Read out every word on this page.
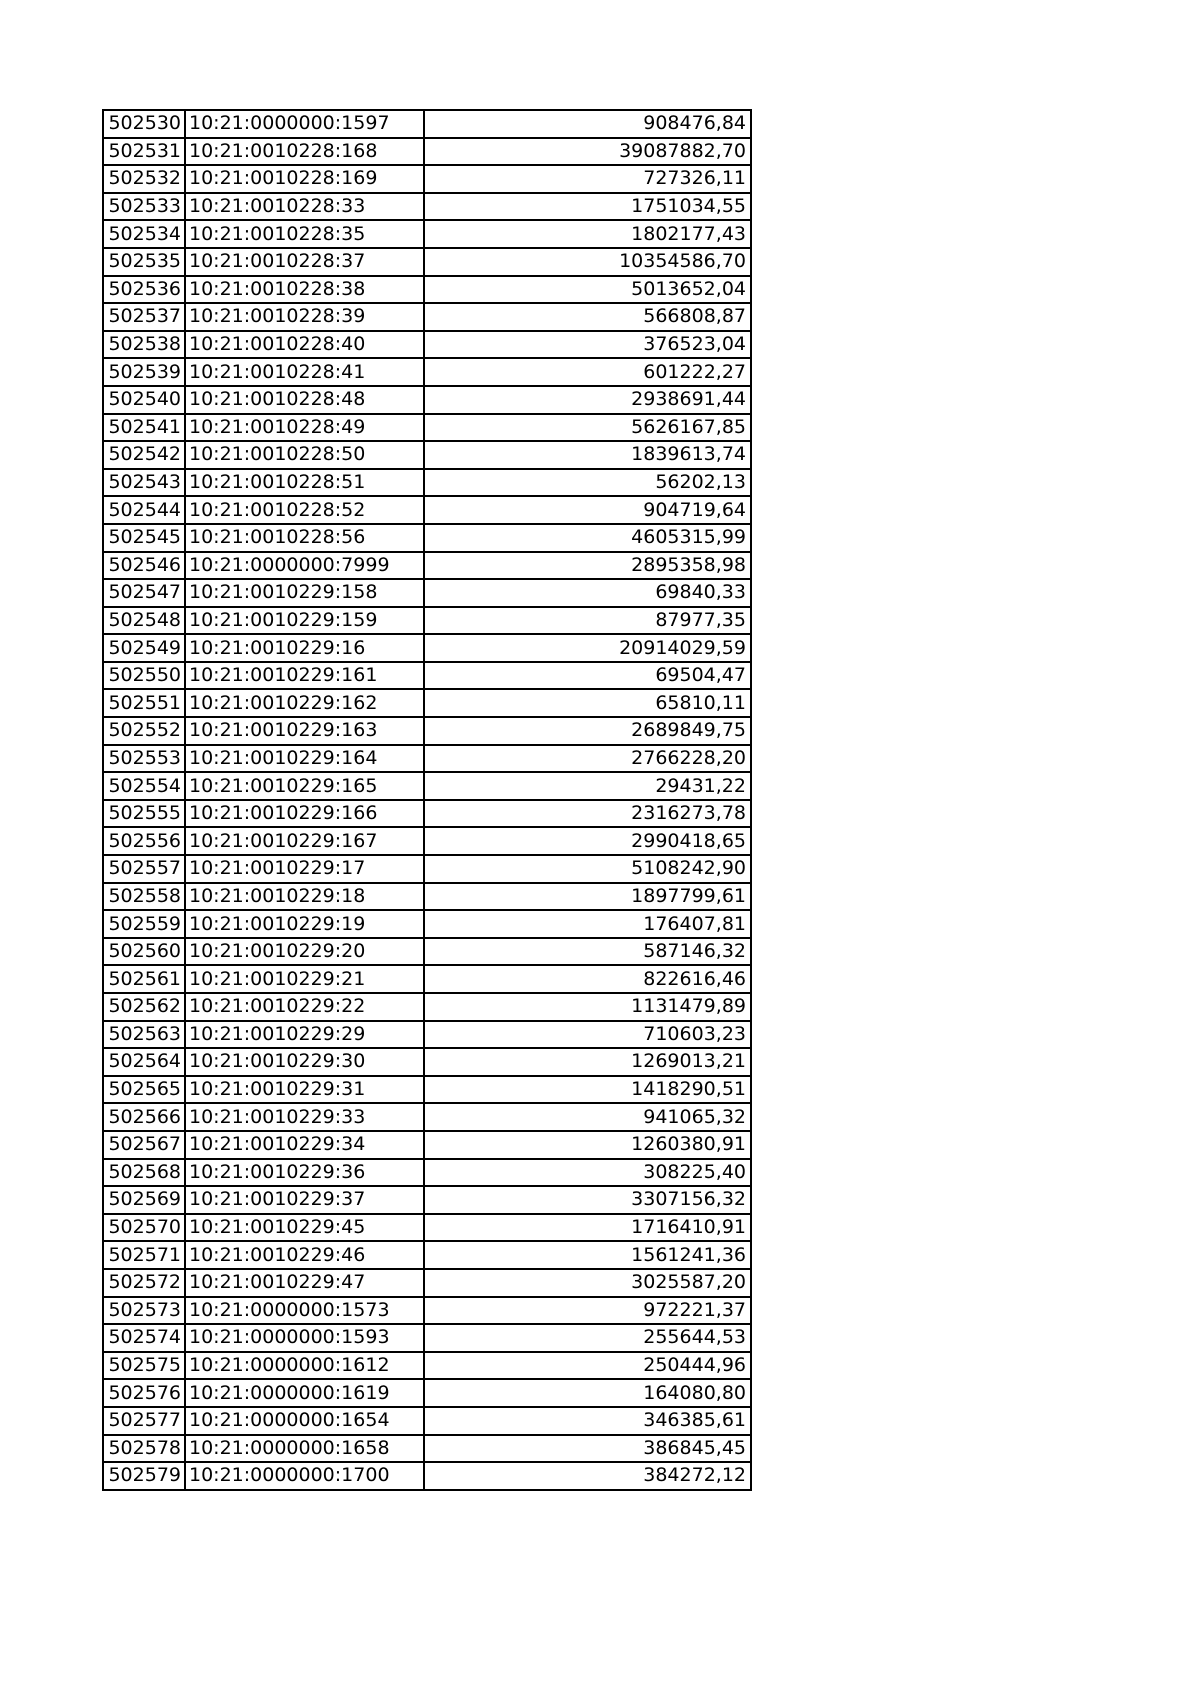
502530	10:21:0000000:1597	908476,84
502531	10:21:0010228:168	39087882,70
502532	10:21:0010228:169	727326,11
502533	10:21:0010228:33	1751034,55
502534	10:21:0010228:35	1802177,43
502535	10:21:0010228:37	10354586,70
502536	10:21:0010228:38	5013652,04
502537	10:21:0010228:39	566808,87
502538	10:21:0010228:40	376523,04
502539	10:21:0010228:41	601222,27
502540	10:21:0010228:48	2938691,44
502541	10:21:0010228:49	5626167,85
502542	10:21:0010228:50	1839613,74
502543	10:21:0010228:51	56202,13
502544	10:21:0010228:52	904719,64
502545	10:21:0010228:56	4605315,99
502546	10:21:0000000:7999	2895358,98
502547	10:21:0010229:158	69840,33
502548	10:21:0010229:159	87977,35
502549	10:21:0010229:16	20914029,59
502550	10:21:0010229:161	69504,47
502551	10:21:0010229:162	65810,11
502552	10:21:0010229:163	2689849,75
502553	10:21:0010229:164	2766228,20
502554	10:21:0010229:165	29431,22
502555	10:21:0010229:166	2316273,78
502556	10:21:0010229:167	2990418,65
502557	10:21:0010229:17	5108242,90
502558	10:21:0010229:18	1897799,61
502559	10:21:0010229:19	176407,81
502560	10:21:0010229:20	587146,32
502561	10:21:0010229:21	822616,46
502562	10:21:0010229:22	1131479,89
502563	10:21:0010229:29	710603,23
502564	10:21:0010229:30	1269013,21
502565	10:21:0010229:31	1418290,51
502566	10:21:0010229:33	941065,32
502567	10:21:0010229:34	1260380,91
502568	10:21:0010229:36	308225,40
502569	10:21:0010229:37	3307156,32
502570	10:21:0010229:45	1716410,91
502571	10:21:0010229:46	1561241,36
502572	10:21:0010229:47	3025587,20
502573	10:21:0000000:1573	972221,37
502574	10:21:0000000:1593	255644,53
502575	10:21:0000000:1612	250444,96
502576	10:21:0000000:1619	164080,80
502577	10:21:0000000:1654	346385,61
502578	10:21:0000000:1658	386845,45
502579	10:21:0000000:1700	384272,12
